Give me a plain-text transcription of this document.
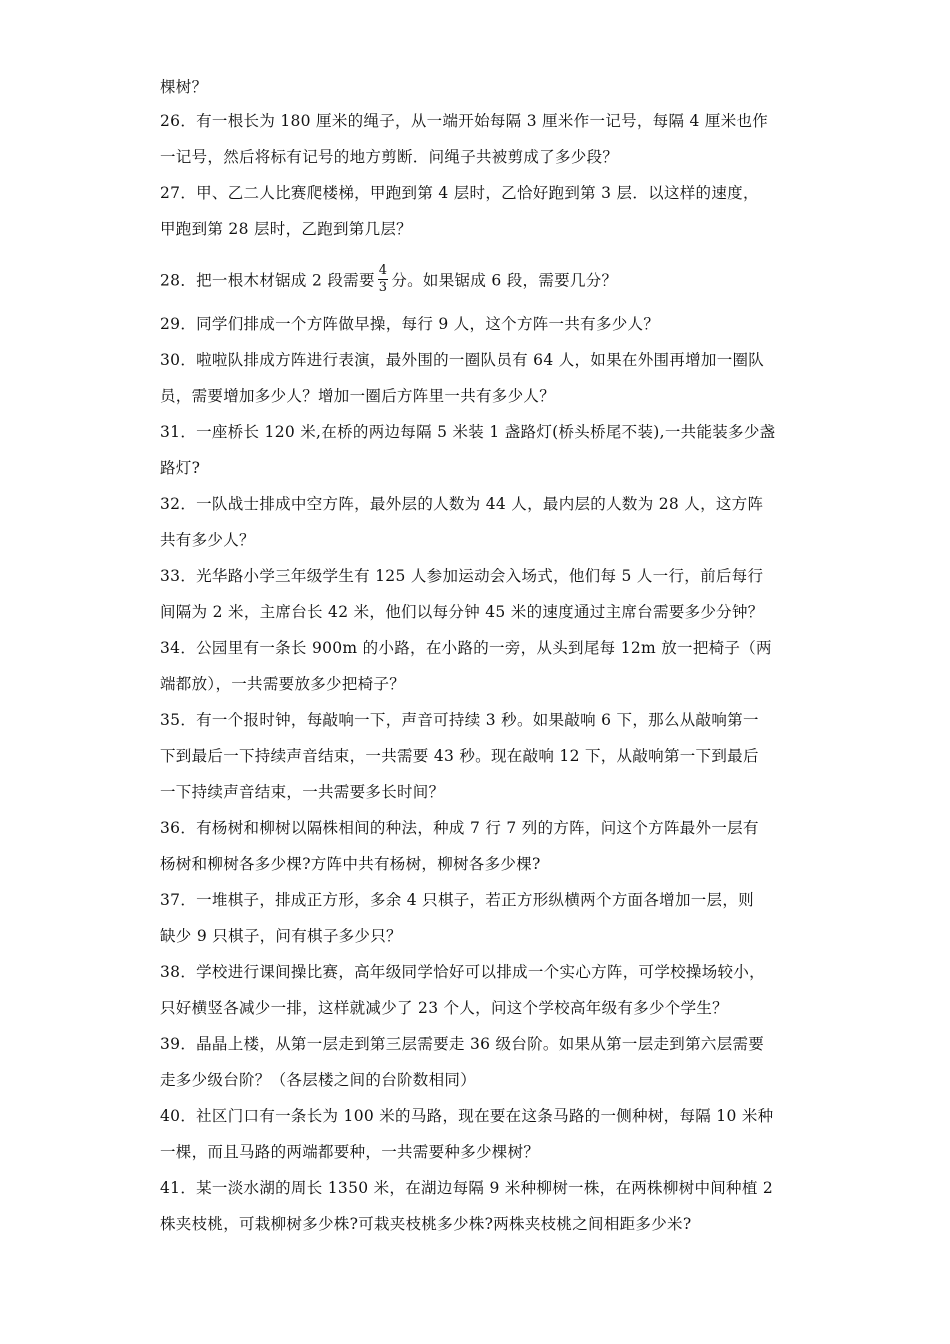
棵树？
26．有一根长为 180 厘米的绳子，从一端开始每隔 3 厘米作一记号，每隔 4 厘米也作
一记号，然后将标有记号的地方剪断．问绳子共被剪成了多少段？
27．甲、乙二人比赛爬楼梯，甲跑到第 4 层时，乙恰好跑到第 3 层．以这样的速度，
甲跑到第 28 层时，乙跑到第几层？
28．把一根木材锯成 2 段需要 $\frac{4}{3}$ 分。如果锯成 6 段，需要几分？
29．同学们排成一个方阵做早操，每行 9 人，这个方阵一共有多少人？
30．啦啦队排成方阵进行表演，最外围的一圈队员有 64 人，如果在外围再增加一圈队
员，需要增加多少人？增加一圈后方阵里一共有多少人？
31．一座桥长 120 米,在桥的两边每隔 5 米装 1 盏路灯(桥头桥尾不装),一共能装多少盏
路灯?
32．一队战士排成中空方阵，最外层的人数为 44 人，最内层的人数为 28 人，这方阵
共有多少人？
33．光华路小学三年级学生有 125 人参加运动会入场式，他们每 5 人一行，前后每行
间隔为 2 米，主席台长 42 米，他们以每分钟 45 米的速度通过主席台需要多少分钟？
34．公园里有一条长 900m 的小路，在小路的一旁，从头到尾每 12m 放一把椅子（两
端都放），一共需要放多少把椅子？
35．有一个报时钟，每敲响一下，声音可持续 3 秒。如果敲响 6 下，那么从敲响第一
下到最后一下持续声音结束，一共需要 43 秒。现在敲响 12 下，从敲响第一下到最后
一下持续声音结束，一共需要多长时间？
36．有杨树和柳树以隔株相间的种法，种成 7 行 7 列的方阵，问这个方阵最外一层有
杨树和柳树各多少棵?方阵中共有杨树，柳树各多少棵?
37．一堆棋子，排成正方形，多余 4 只棋子，若正方形纵横两个方面各增加一层，则
缺少 9 只棋子，问有棋子多少只？
38．学校进行课间操比赛，高年级同学恰好可以排成一个实心方阵，可学校操场较小，
只好横竖各减少一排，这样就减少了 23 个人，问这个学校高年级有多少个学生？
39．晶晶上楼，从第一层走到第三层需要走 36 级台阶。如果从第一层走到第六层需要
走多少级台阶？（各层楼之间的台阶数相同）
40．社区门口有一条长为 100 米的马路，现在要在这条马路的一侧种树，每隔 10 米种
一棵，而且马路的两端都要种，一共需要种多少棵树？
41．某一淡水湖的周长 1350 米，在湖边每隔 9 米种柳树一株，在两株柳树中间种植 2
株夹枝桃，可栽柳树多少株?可栽夹枝桃多少株?两株夹枝桃之间相距多少米?
